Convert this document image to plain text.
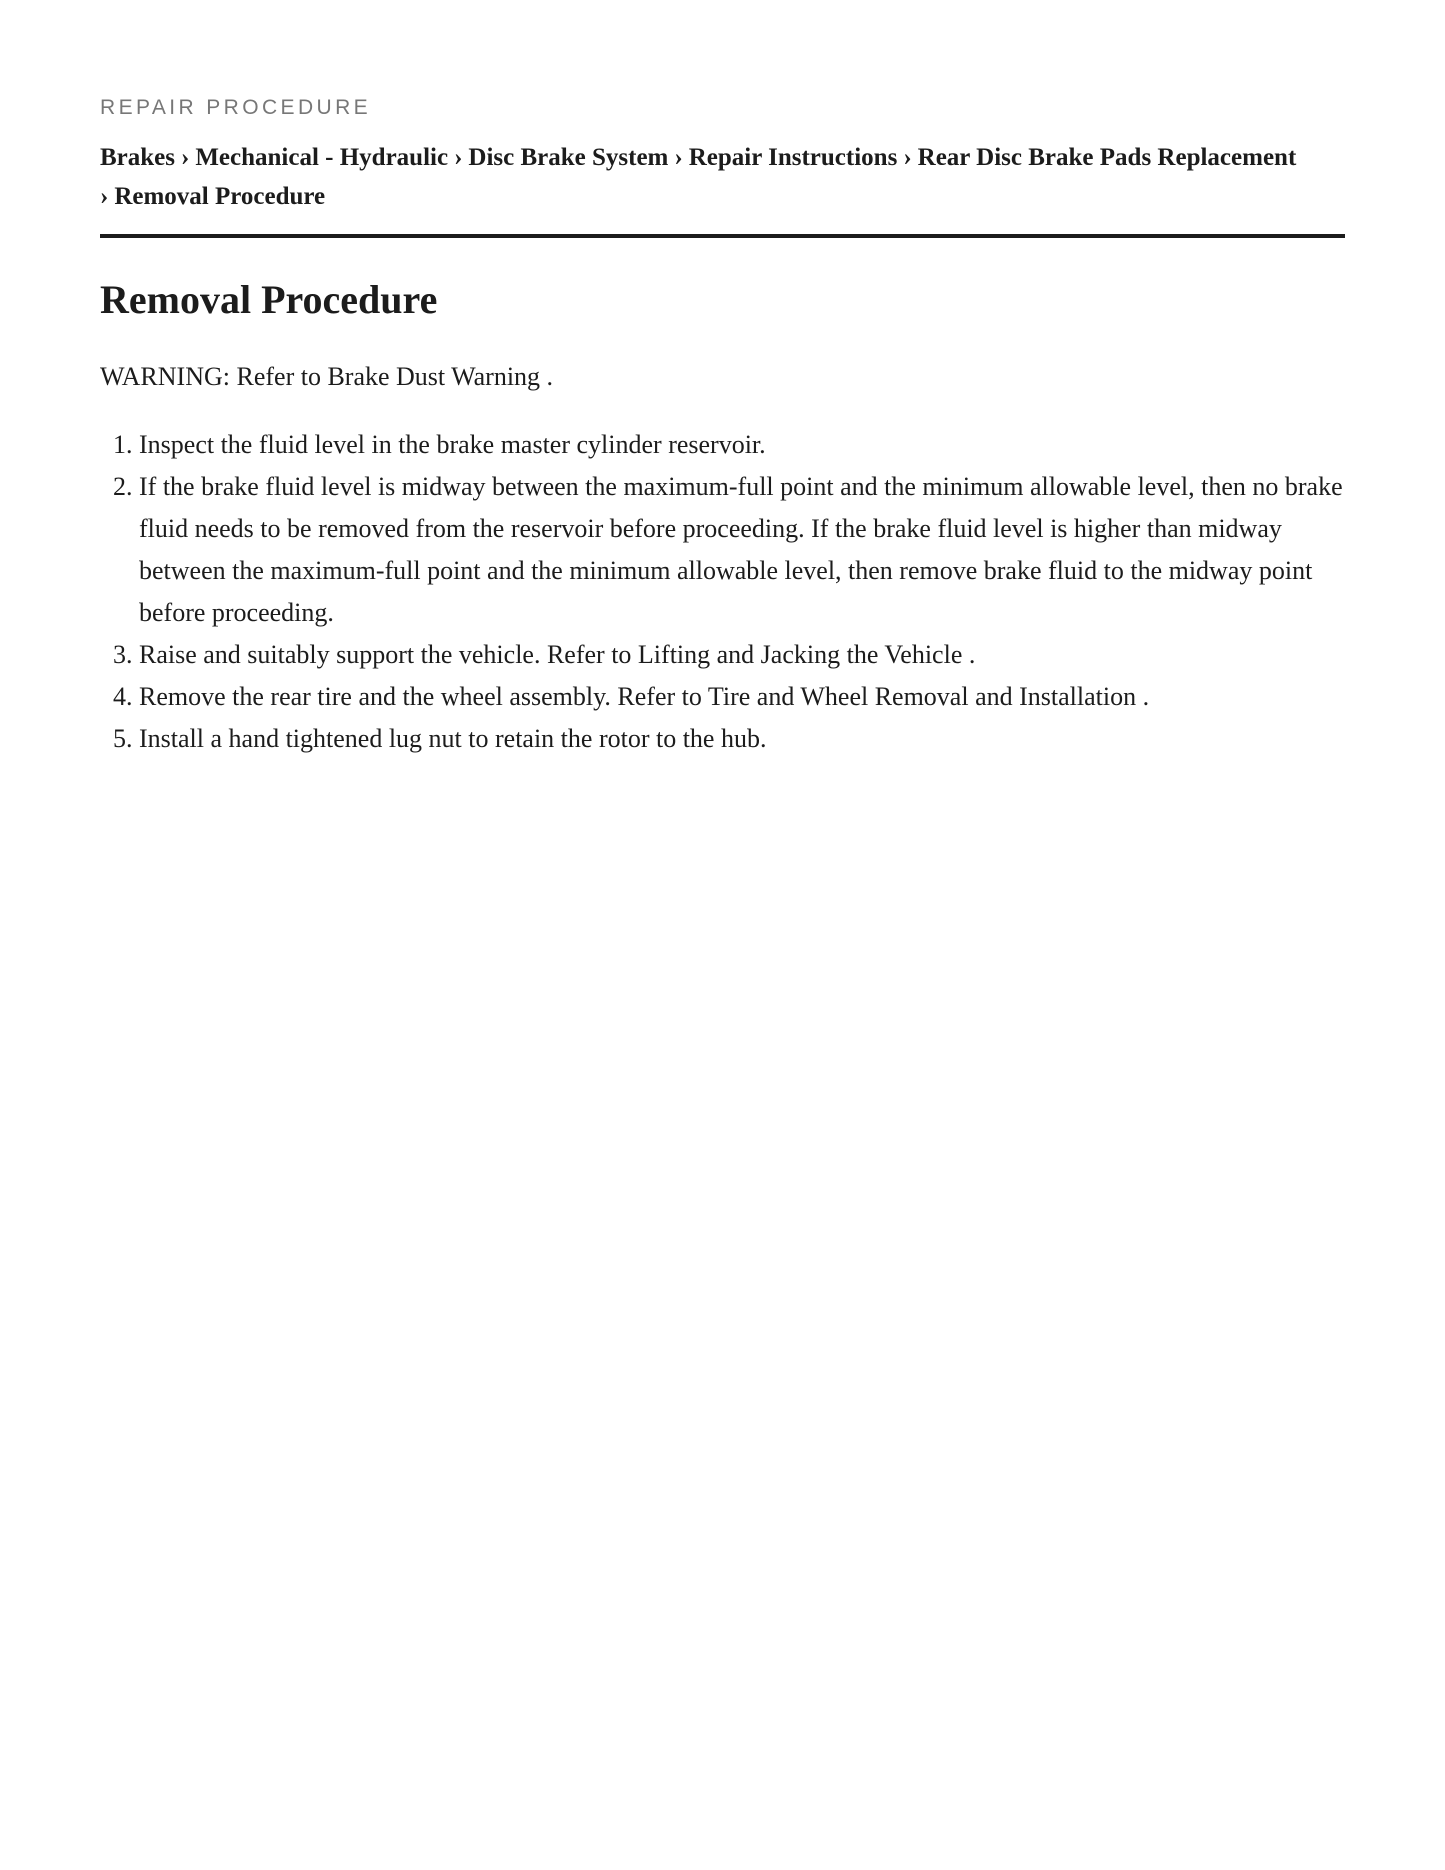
REPAIR PROCEDURE
Brakes › Mechanical - Hydraulic › Disc Brake System › Repair Instructions › Rear Disc Brake Pads Replacement › Removal Procedure
Removal Procedure

WARNING: Refer to Brake Dust Warning .

1. Inspect the fluid level in the brake master cylinder reservoir.
2. If the brake fluid level is midway between the maximum-full point and the minimum allowable level, then no brake fluid needs to be removed from the reservoir before proceeding. If the brake fluid level is higher than midway between the maximum-full point and the minimum allowable level, then remove brake fluid to the midway point before proceeding.
3. Raise and suitably support the vehicle. Refer to Lifting and Jacking the Vehicle .
4. Remove the rear tire and the wheel assembly. Refer to Tire and Wheel Removal and Installation .
5. Install a hand tightened lug nut to retain the rotor to the hub.
